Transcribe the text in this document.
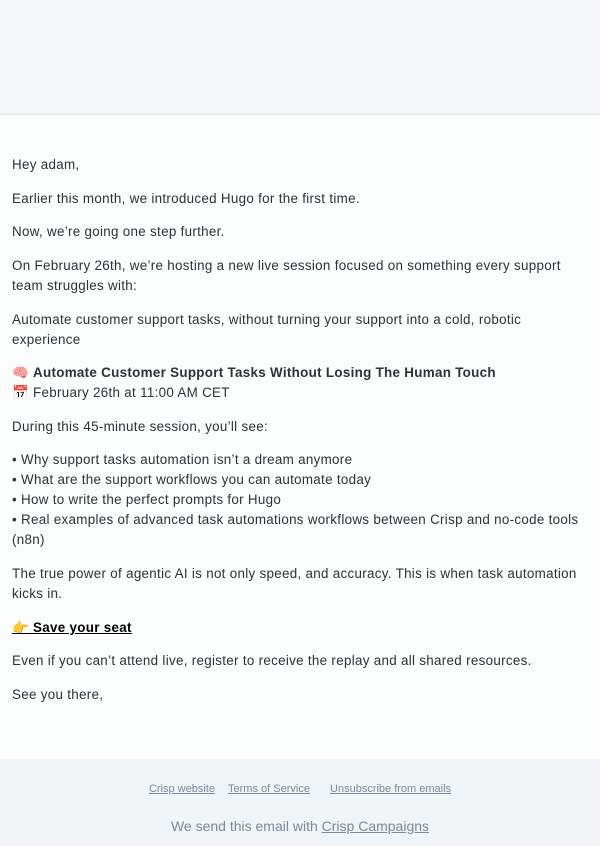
Hey adam,

Earlier this month, we introduced Hugo for the first time.

Now, we’re going one step further.

On February 26th, we’re hosting a new live session focused on something every support team struggles with:

Automate customer support tasks, without turning your support into a cold, robotic experience

🧠 Automate Customer Support Tasks Without Losing The Human Touch

📅 February 26th at 11:00 AM CET

During this 45-minute session, you’ll see:

• Why support tasks automation isn’t a dream anymore
• What are the support workflows you can automate today
• How to write the perfect prompts for Hugo
• Real examples of advanced task automations workflows between Crisp and no-code tools (n8n)

The true power of agentic AI is not only speed, and accuracy. This is when task automation kicks in.

👉 Save your seat

Even if you can’t attend live, register to receive the replay and all shared resources.

See you there,

Crisp website Terms of Service Unsubscribe from emails
We send this email with Crisp Campaigns
